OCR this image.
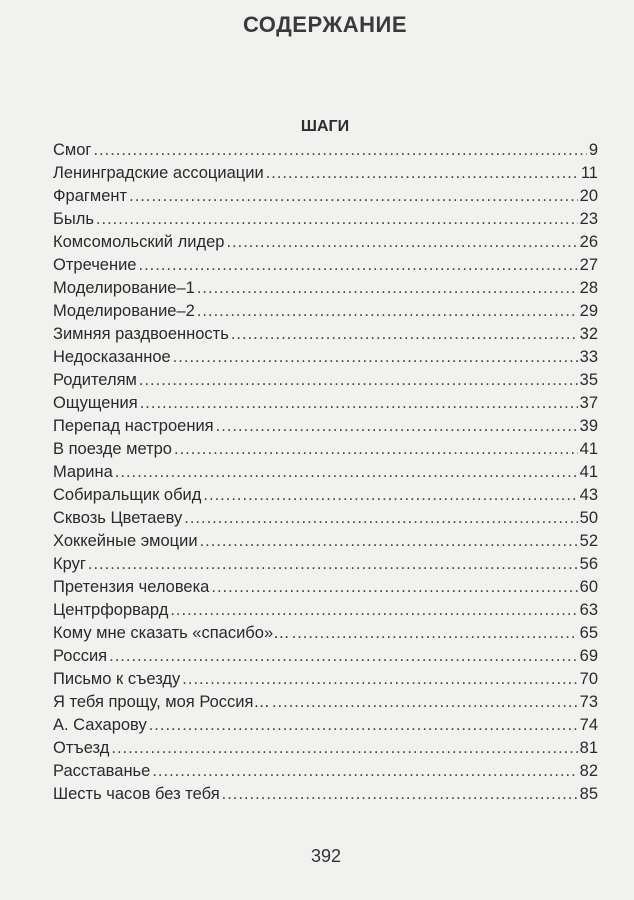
СОДЕРЖАНИЕ
ШАГИ
Смог .....	9
Ленинградские ассоциации .....	11
Фрагмент .....	20
Быль .....	23
Комсомольский лидер .....	26
Отречение .....	27
Моделирование–1 .....	28
Моделирование–2 .....	29
Зимняя раздвоенность .....	32
Недосказанное .....	33
Родителям .....	35
Ощущения .....	37
Перепад настроения .....	39
В поезде метро .....	41
Марина .....	41
Собиральщик обид .....	43
Сквозь Цветаеву .....	50
Хоккейные эмоции .....	52
Круг .....	56
Претензия человека .....	60
Центрфорвард .....	63
Кому мне сказать «спасибо»… .....	65
Россия .....	69
Письмо к съезду .....	70
Я тебя прощу, моя Россия… .....	73
А. Сахарову .....	74
Отъезд .....	81
Расставанье .....	82
Шесть часов без тебя .....	85
392
